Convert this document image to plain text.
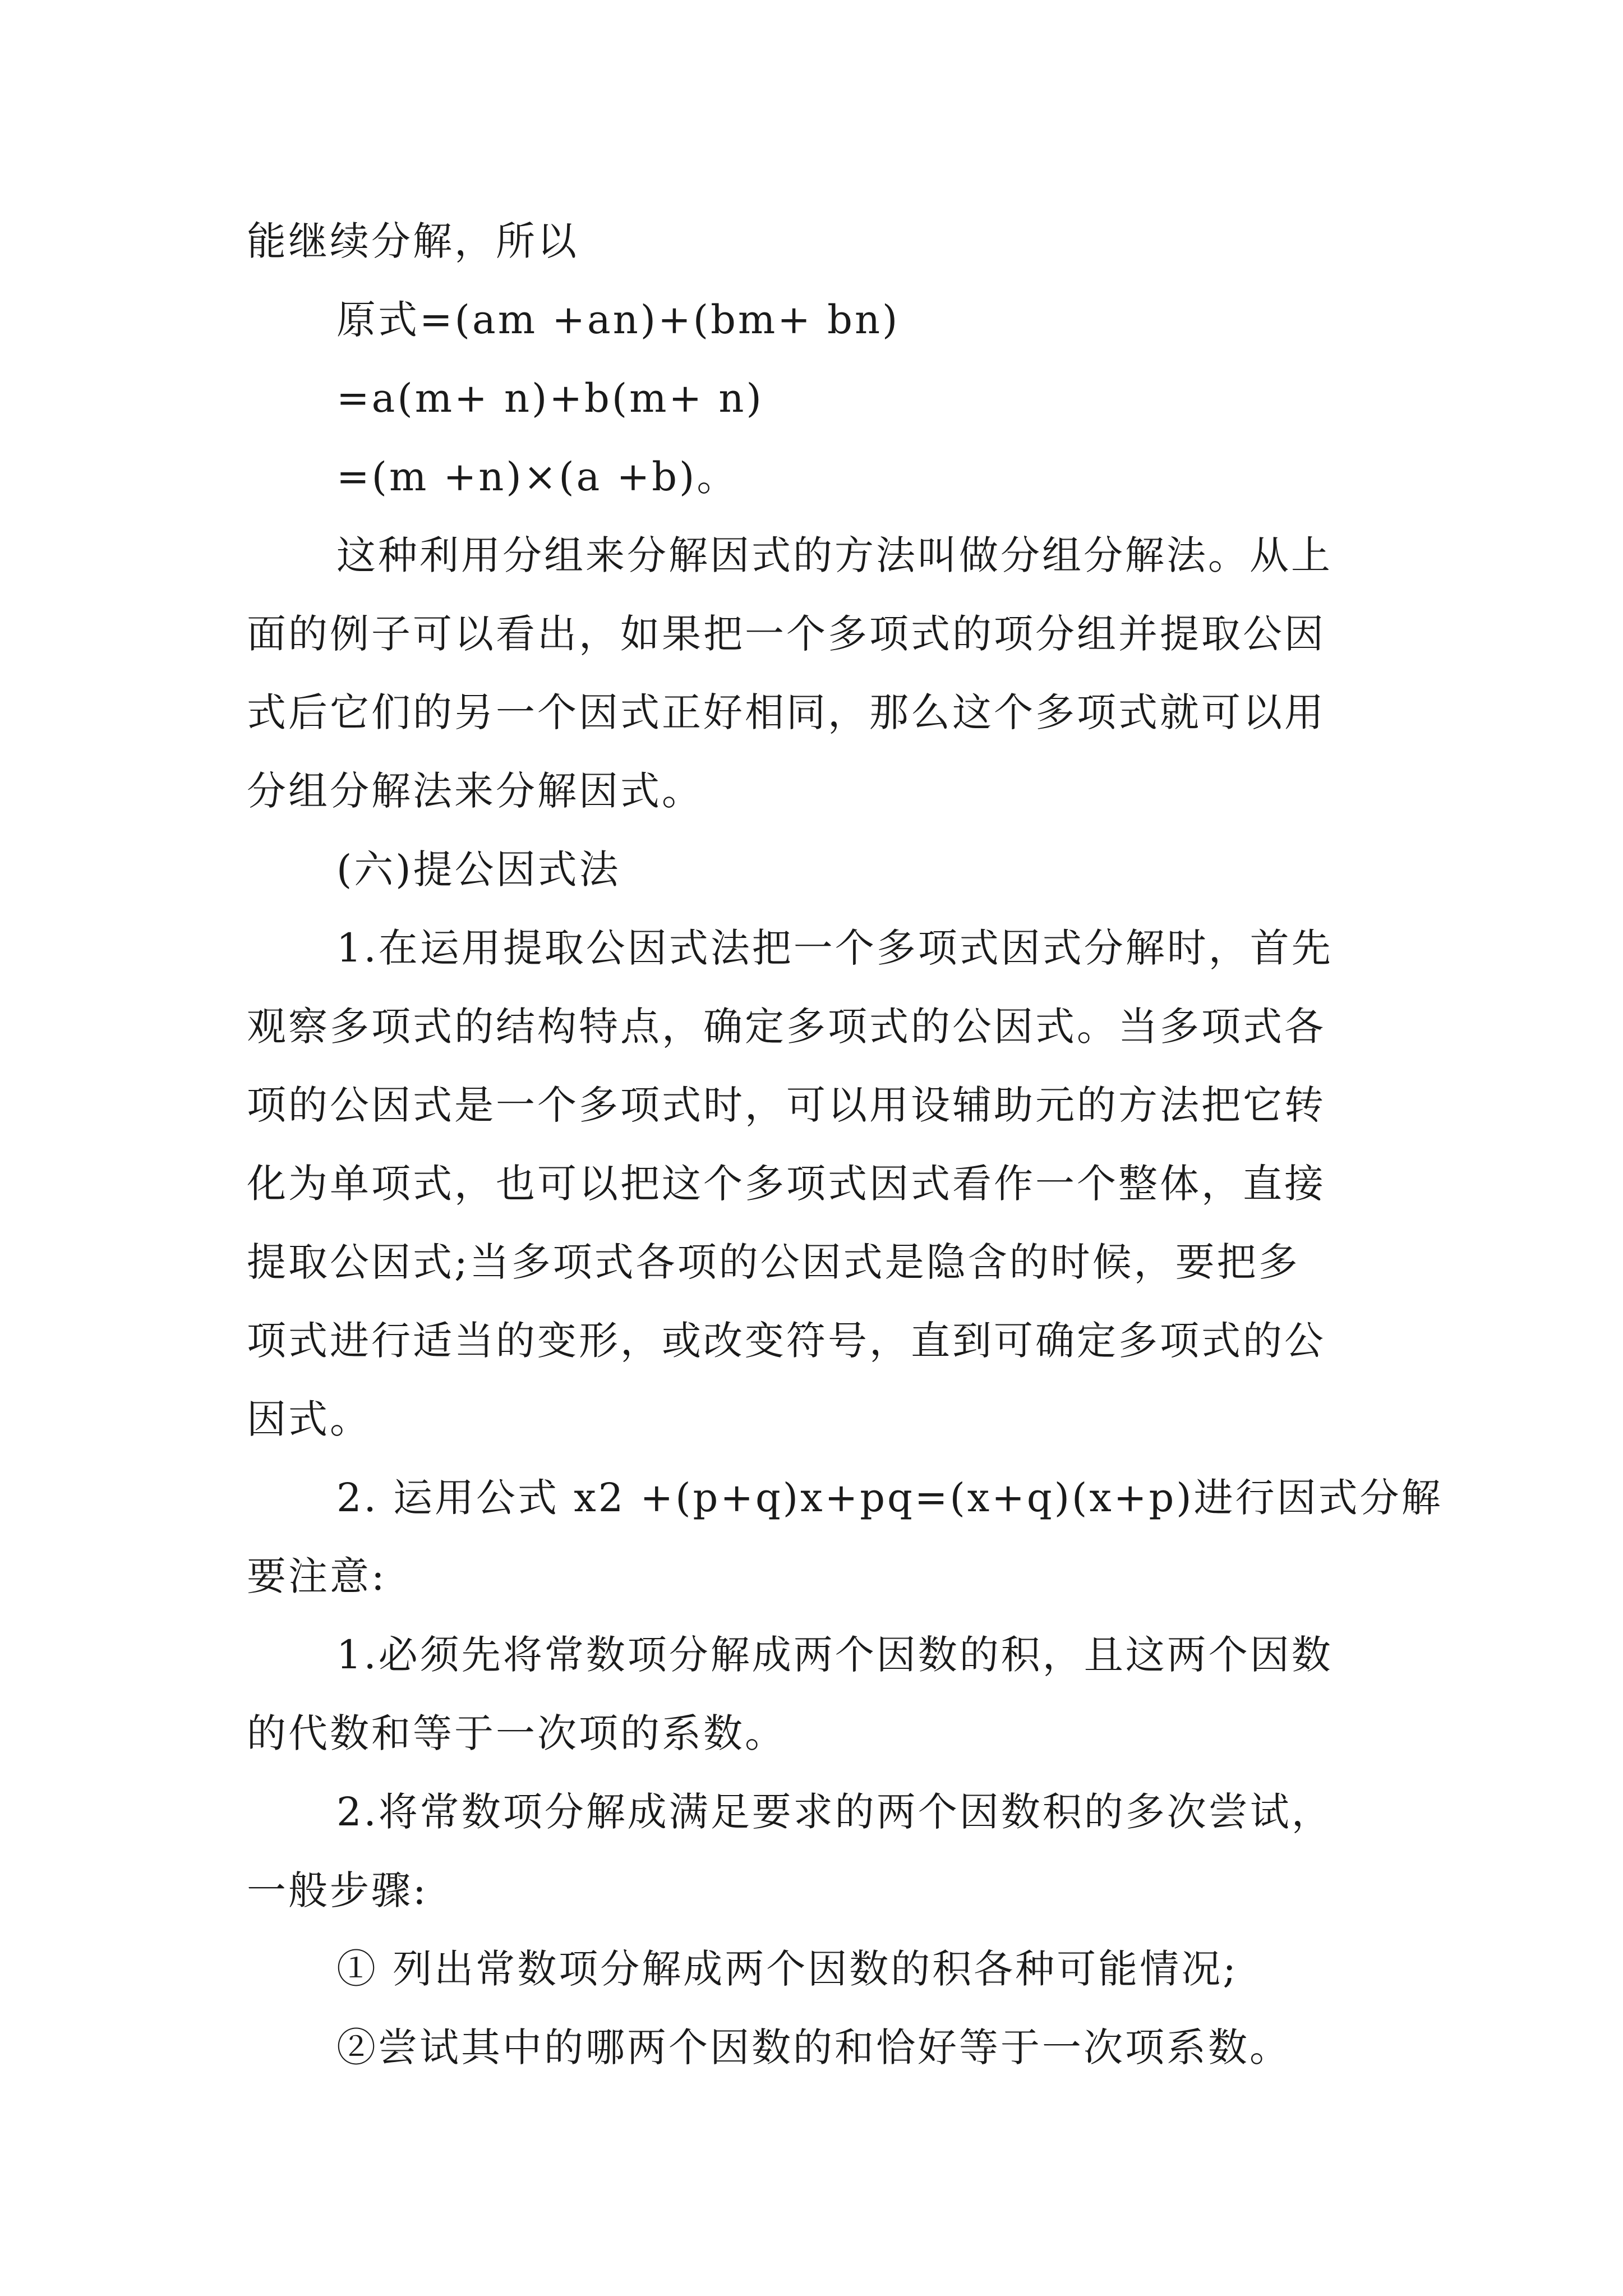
能继续分解，所以

原式=(am +an)+(bm+ bn)

=a(m+ n)+b(m+ n)

=(m +n)×(a +b)。

这种利用分组来分解因式的方法叫做分组分解法。从上

面的例子可以看出，如果把一个多项式的项分组并提取公因

式后它们的另一个因式正好相同，那么这个多项式就可以用

分组分解法来分解因式。

(六)提公因式法

1.在运用提取公因式法把一个多项式因式分解时，首先

观察多项式的结构特点，确定多项式的公因式。当多项式各

项的公因式是一个多项式时，可以用设辅助元的方法把它转

化为单项式，也可以把这个多项式因式看作一个整体，直接

提取公因式;当多项式各项的公因式是隐含的时候，要把多

项式进行适当的变形，或改变符号，直到可确定多项式的公

因式。

2. 运用公式 x2 +(p+q)x+pq=(x+q)(x+p)进行因式分解

要注意:

1.必须先将常数项分解成两个因数的积，且这两个因数

的代数和等于一次项的系数。

2.将常数项分解成满足要求的两个因数积的多次尝试，

一般步骤:

① 列出常数项分解成两个因数的积各种可能情况;

②尝试其中的哪两个因数的和恰好等于一次项系数。
